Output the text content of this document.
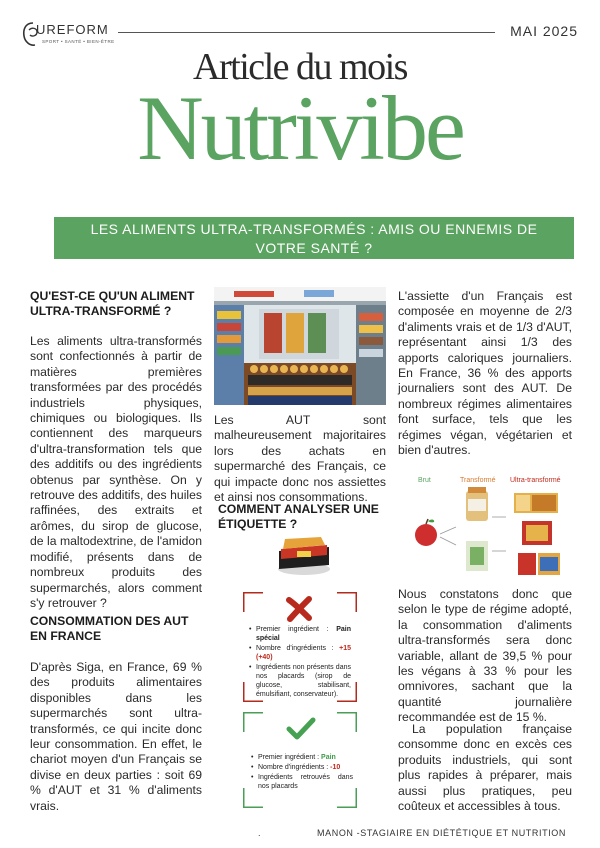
UREFORM
SPORT • SANTÉ • BIEN-ÊTRE
MAI 2025
Article du mois
Nutrivibe
LES ALIMENTS ULTRA-TRANSFORMÉS : AMIS OU ENNEMIS DE
VOTRE SANTÉ ?
QU'EST-CE QU'UN ALIMENT ULTRA-TRANSFORMÉ ?
Les aliments ultra-transformés sont confectionnés à partir de matières premières transformées par des procédés industriels physiques, chimiques ou biologiques. Ils contiennent des marqueurs d'ultra-transformation tels que des additifs ou des ingrédients obtenus par synthèse. On y retrouve des additifs, des huiles raffinées, des extraits et arômes, du sirop de glucose, de la maltodextrine, de l'amidon modifié, présents dans de nombreux produits des supermarchés, alors comment s'y retrouver ?
CONSOMMATION DES AUT EN FRANCE
D'après Siga, en France, 69 % des produits alimentaires disponibles dans les supermarchés sont ultra-transformés, ce qui incite donc leur consommation. En effet, le chariot moyen d'un Français se divise en deux parties : soit 69 % d'AUT et 31 % d'aliments vrais.
Les AUT sont malheureusement majoritaires lors des achats en supermarché des Français, ce qui impacte donc nos assiettes et ainsi nos consommations.
COMMENT ANALYSER UNE ÉTIQUETTE ?
• Premier ingrédient : Pain spécial
• Nombre d'ingrédients : +15 (+40)
• Ingrédients non présents dans nos placards (sirop de glucose, stabilisant, émulsifiant, conservateur).
• Premier ingrédient : Pain
• Nombre d'ingrédients : -10
• Ingrédients retrouvés dans nos placards
L'assiette d'un Français est composée en moyenne de 2/3 d'aliments vrais et de 1/3 d'AUT, représentant ainsi 1/3 des apports caloriques journaliers. En France, 36 % des apports journaliers sont des AUT. De nombreux régimes alimentaires font surface, tels que les régimes végan, végétarien et bien d'autres.
Brut	Transformé Ultra-transformé
Nous constatons donc que selon le type de régime adopté, la consommation d'aliments ultra-transformés sera donc variable, allant de 39,5 % pour les végans à 33 % pour les omnivores, sachant que la quantité journalière recommandée est de 15 %.
La population française consomme donc en excès ces produits industriels, qui sont plus rapides à préparer, mais aussi plus pratiques, peu coûteux et accessibles à tous.
.	MANON -STAGIAIRE EN DIÉTÉTIQUE ET NUTRITION
